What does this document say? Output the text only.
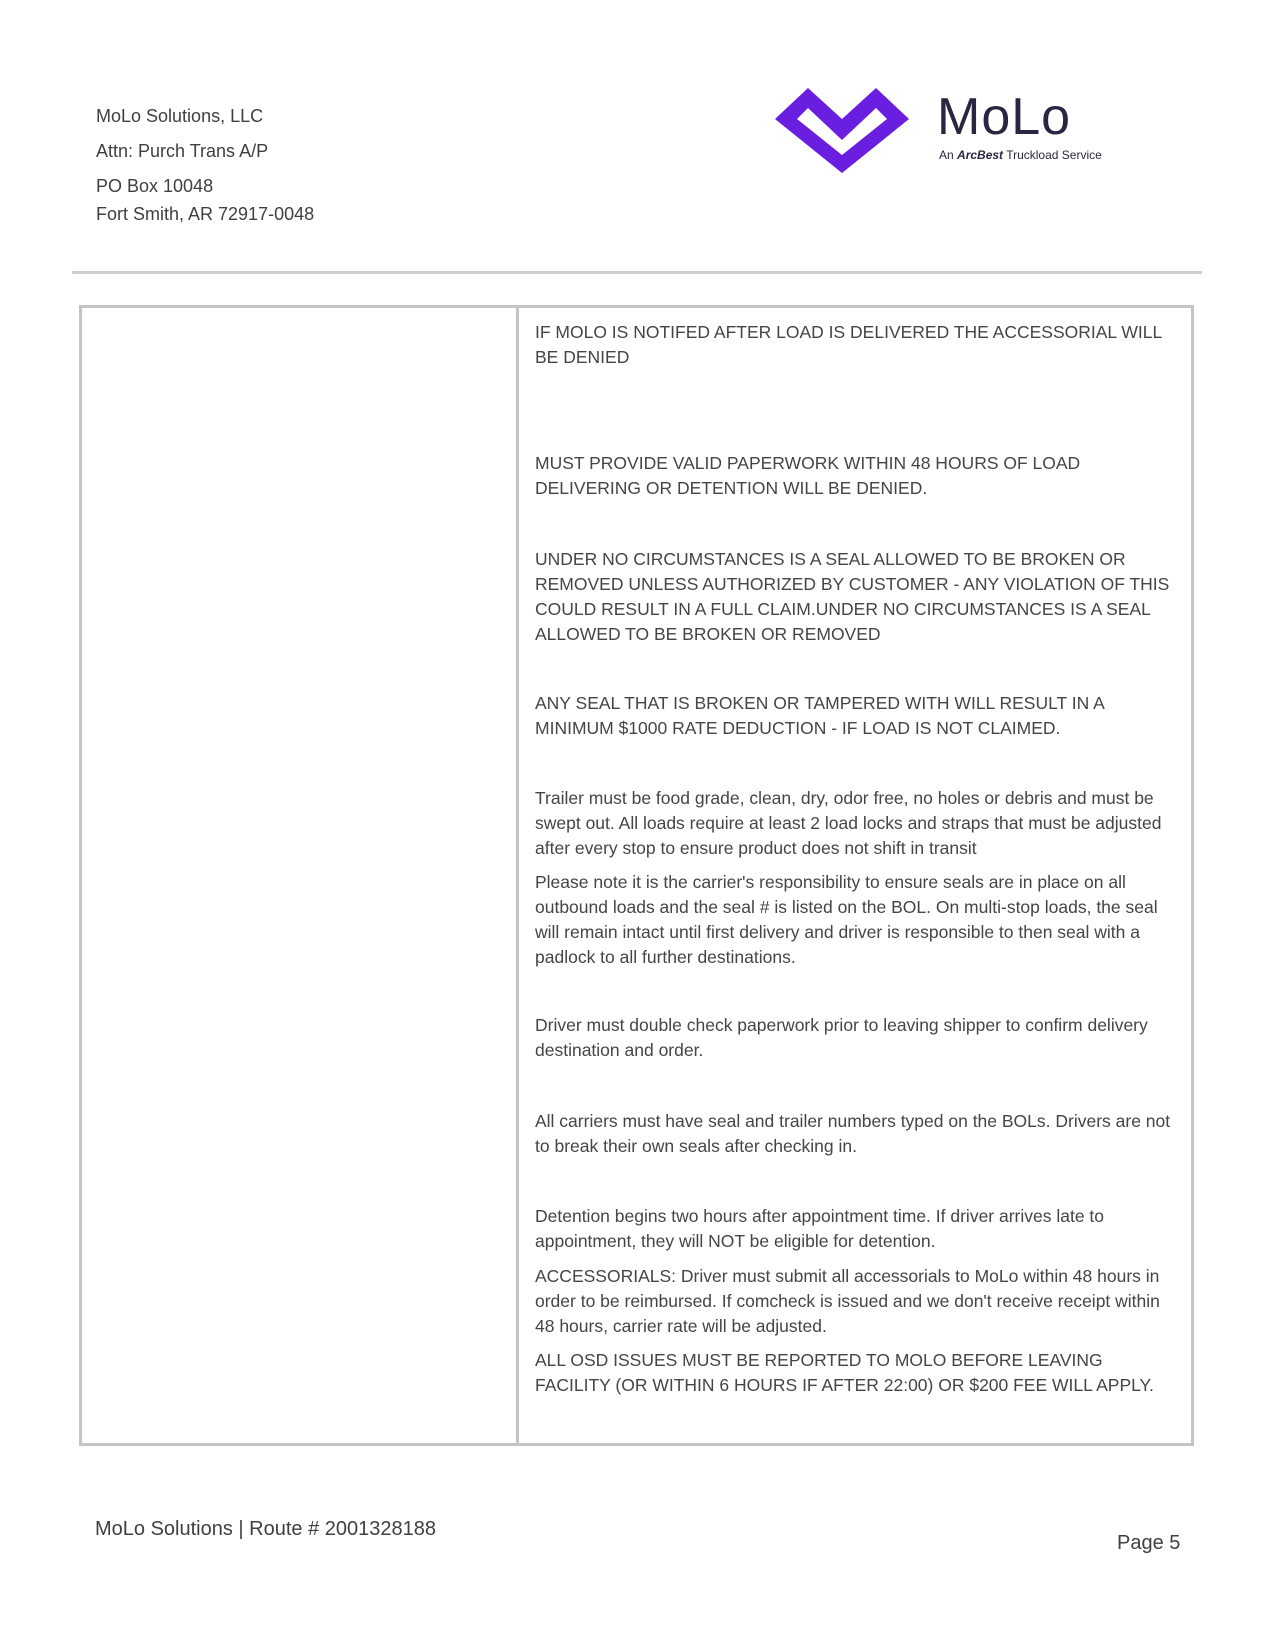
MoLo Solutions, LLC
Attn: Purch Trans A/P
PO Box 10048
Fort Smith, AR 72917-0048
MoLo
An ArcBest Truckload Service
IF MOLO IS NOTIFED AFTER LOAD IS DELIVERED THE ACCESSORIAL WILL BE DENIED
MUST PROVIDE VALID PAPERWORK WITHIN 48 HOURS OF LOAD DELIVERING OR DETENTION WILL BE DENIED.
UNDER NO CIRCUMSTANCES IS A SEAL ALLOWED TO BE BROKEN OR REMOVED UNLESS AUTHORIZED BY CUSTOMER - ANY VIOLATION OF THIS COULD RESULT IN A FULL CLAIM.UNDER NO CIRCUMSTANCES IS A SEAL ALLOWED TO BE BROKEN OR REMOVED
ANY SEAL THAT IS BROKEN OR TAMPERED WITH WILL RESULT IN A MINIMUM $1000 RATE DEDUCTION - IF LOAD IS NOT CLAIMED.
Trailer must be food grade, clean, dry, odor free, no holes or debris and must be swept out. All loads require at least 2 load locks and straps that must be adjusted after every stop to ensure product does not shift in transit
Please note it is the carrier's responsibility to ensure seals are in place on all outbound loads and the seal # is listed on the BOL. On multi-stop loads, the seal will remain intact until first delivery and driver is responsible to then seal with a padlock to all further destinations.
Driver must double check paperwork prior to leaving shipper to confirm delivery destination and order.
All carriers must have seal and trailer numbers typed on the BOLs. Drivers are not to break their own seals after checking in.
Detention begins two hours after appointment time. If driver arrives late to appointment, they will NOT be eligible for detention.
ACCESSORIALS: Driver must submit all accessorials to MoLo within 48 hours in order to be reimbursed. If comcheck is issued and we don't receive receipt within 48 hours, carrier rate will be adjusted.
ALL OSD ISSUES MUST BE REPORTED TO MOLO BEFORE LEAVING FACILITY (OR WITHIN 6 HOURS IF AFTER 22:00) OR $200 FEE WILL APPLY.
MoLo Solutions | Route # 2001328188
Page 5
